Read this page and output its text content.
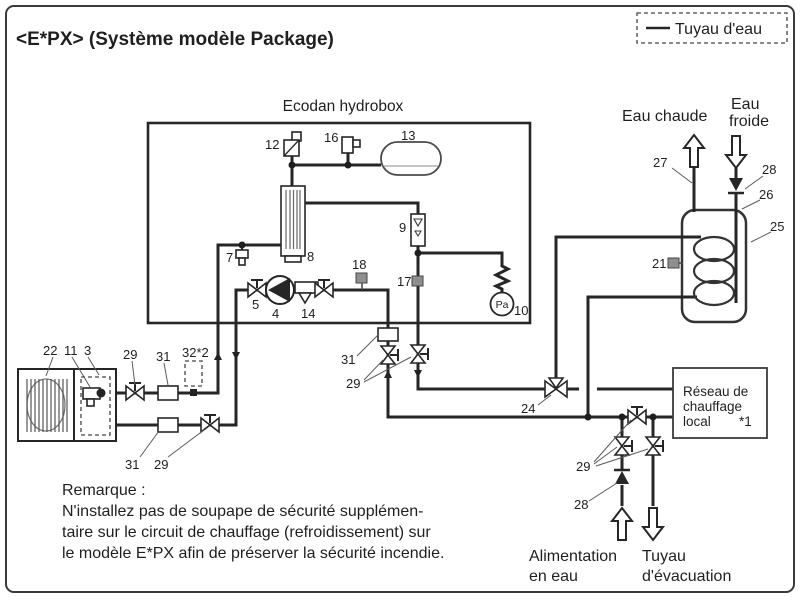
<E*PX> (Système modèle Package)	Tuyau d'eau
Ecodan hydrobox
Pa
Réseau de
chauffage
local *1
12	16	13
8
7
5
4 14
18
17
9
10
22 11 3 29 31 32*2
31 29
31
29
24
29
28
21
25
26
27	28
Eau chaude
Eau
froide
Alimentation
en eau
Tuyau
d'évacuation
Remarque :
N'installez pas de soupape de sécurité supplémen-
taire sur le circuit de chauffage (refroidissement) sur
le modèle E*PX afin de préserver la sécurité incendie.
